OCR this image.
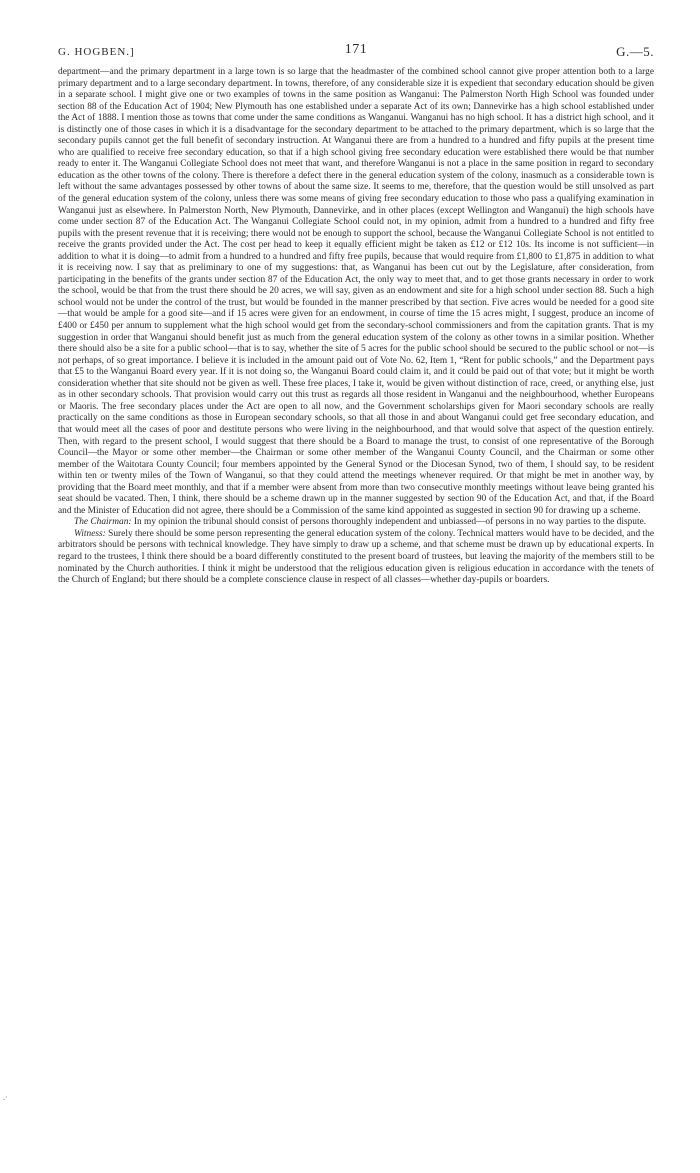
G. HOGBEN.]	171	G.—5.

department—and the primary department in a large town is so large that the headmaster of the combined school cannot give proper attention both to a large primary department and to a large secondary department. In towns, therefore, of any considerable size it is expedient that secondary education should be given in a separate school. I might give one or two examples of towns in the same position as Wanganui: The Palmerston North High School was founded under section 88 of the Education Act of 1904; New Plymouth has one established under a separate Act of its own; Dannevirke has a high school established under the Act of 1888. I mention those as towns that come under the same conditions as Wanganui. Wanganui has no high school. It has a district high school, and it is distinctly one of those cases in which it is a disadvantage for the secondary department to be attached to the primary department, which is so large that the secondary pupils cannot get the full benefit of secondary instruction. At Wanganui there are from a hundred to a hundred and fifty pupils at the present time who are qualified to receive free secondary education, so that if a high school giving free secondary education were established there would be that number ready to enter it. The Wanganui Collegiate School does not meet that want, and therefore Wanganui is not a place in the same position in regard to secondary education as the other towns of the colony. There is therefore a defect there in the general education system of the colony, inasmuch as a considerable town is left without the same advantages possessed by other towns of about the same size. It seems to me, therefore, that the question would be still unsolved as part of the general education system of the colony, unless there was some means of giving free secondary education to those who pass a qualifying examination in Wanganui just as elsewhere. In Palmerston North, New Plymouth, Dannevirke, and in other places (except Wellington and Wanganui) the high schools have come under section 87 of the Education Act. The Wanganui Collegiate School could not, in my opinion, admit from a hundred to a hundred and fifty free pupils with the present revenue that it is receiving; there would not be enough to support the school, because the Wanganui Collegiate School is not entitled to receive the grants provided under the Act. The cost per head to keep it equally efficient might be taken as £12 or £12 10s. Its income is not sufficient—in addition to what it is doing—to admit from a hundred to a hundred and fifty free pupils, because that would require from £1,800 to £1,875 in addition to what it is receiving now. I say that as preliminary to one of my suggestions: that, as Wanganui has been cut out by the Legislature, after consideration, from participating in the benefits of the grants under section 87 of the Education Act, the only way to meet that, and to get those grants necessary in order to work the school, would be that from the trust there should be 20 acres, we will say, given as an endowment and site for a high school under section 88. Such a high school would not be under the control of the trust, but would be founded in the manner prescribed by that section. Five acres would be needed for a good site—that would be ample for a good site—and if 15 acres were given for an endowment, in course of time the 15 acres might, I suggest, produce an income of £400 or £450 per annum to supplement what the high school would get from the secondary-school commissioners and from the capitation grants. That is my suggestion in order that Wanganui should benefit just as much from the general education system of the colony as other towns in a similar position. Whether there should also be a site for a public school—that is to say, whether the site of 5 acres for the public school should be secured to the public school or not—is not perhaps, of so great importance. I believe it is included in the amount paid out of Vote No. 62, Item 1, “Rent for public schools,” and the Department pays that £5 to the Wanganui Board every year. If it is not doing so, the Wanganui Board could claim it, and it could be paid out of that vote; but it might be worth consideration whether that site should not be given as well. These free places, I take it, would be given without distinction of race, creed, or anything else, just as in other secondary schools. That provision would carry out this trust as regards all those resident in Wanganui and the neighbourhood, whether Europeans or Maoris. The free secondary places under the Act are open to all now, and the Government scholarships given for Maori secondary schools are really practically on the same conditions as those in European secondary schools, so that all those in and about Wanganui could get free secondary education, and that would meet all the cases of poor and destitute persons who were living in the neighbourhood, and that would solve that aspect of the question entirely. Then, with regard to the present school, I would suggest that there should be a Board to manage the trust, to consist of one representative of the Borough Council—the Mayor or some other member—the Chairman or some other member of the Wanganui County Council, and the Chairman or some other member of the Waitotara County Council; four members appointed by the General Synod or the Diocesan Synod, two of them, I should say, to be resident within ten or twenty miles of the Town of Wanganui, so that they could attend the meetings whenever required. Or that might be met in another way, by providing that the Board meet monthly, and that if a member were absent from more than two consecutive monthly meetings without leave being granted his seat should be vacated. Then, I think, there should be a scheme drawn up in the manner suggested by section 90 of the Education Act, and that, if the Board and the Minister of Education did not agree, there should be a Commission of the same kind appointed as suggested in section 90 for drawing up a scheme.

The Chairman: In my opinion the tribunal should consist of persons thoroughly independent and unbiassed—of persons in no way parties to the dispute.

Witness: Surely there should be some person representing the general education system of the colony. Technical matters would have to be decided, and the arbitrators should be persons with technical knowledge. They have simply to draw up a scheme, and that scheme must be drawn up by educational experts. In regard to the trustees, I think there should be a board differently constituted to the present board of trustees, but leaving the majority of the members still to be nominated by the Church authorities. I think it might be understood that the religious education given is religious education in accordance with the tenets of the Church of England; but there should be a complete conscience clause in respect of all classes—whether day-pupils or boarders.

.·
